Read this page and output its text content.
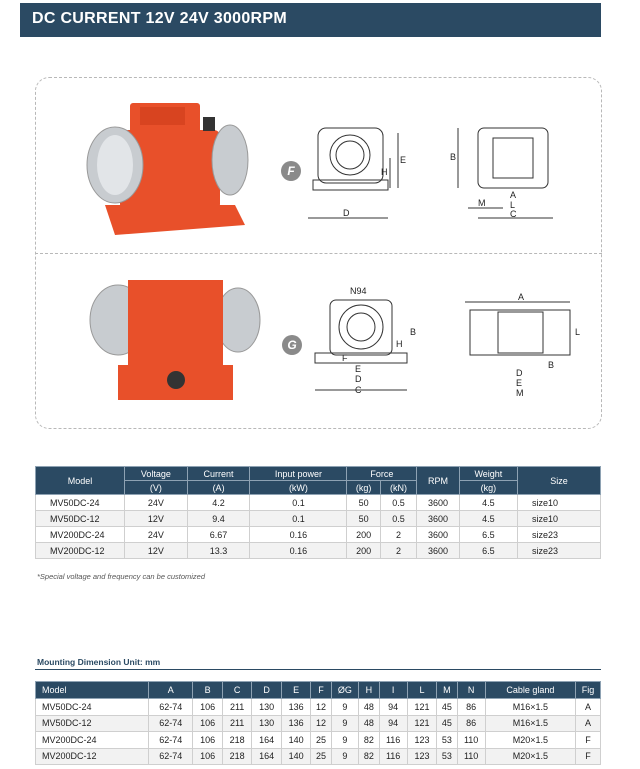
DC CURRENT 12V 24V 3000RPM
F
D
E
H
B
M
A
L
C
G
N94
B
H
F
E
D
C
A
L
B
D
E
M
Model	Voltage	Current	Input power	Force		RPM	Weight	Size
	(V)	(A)	(kW)	(kg)	(kN)		(kg)	
MV50DC-24	24V	4.2	0.1	50	0.5	3600	4.5	size10
MV50DC-12	12V	9.4	0.1	50	0.5	3600	4.5	size10
MV200DC-24	24V	6.67	0.16	200	2	3600	6.5	size23
MV200DC-12	12V	13.3	0.16	200	2	3600	6.5	size23
*Special voltage and frequency can be customized
Mounting Dimension Unit: mm
Model	A	B	C	D	E	F	ØG	H	I	L	M	N	Cable gland	Fig
MV50DC-24	62-74	106	211	130	136	12	9	48	94	121	45	86	M16×1.5	A
MV50DC-12	62-74	106	211	130	136	12	9	48	94	121	45	86	M16×1.5	A
MV200DC-24	62-74	106	218	164	140	25	9	82	116	123	53	110	M20×1.5	F
MV200DC-12	62-74	106	218	164	140	25	9	82	116	123	53	110	M20×1.5	F
